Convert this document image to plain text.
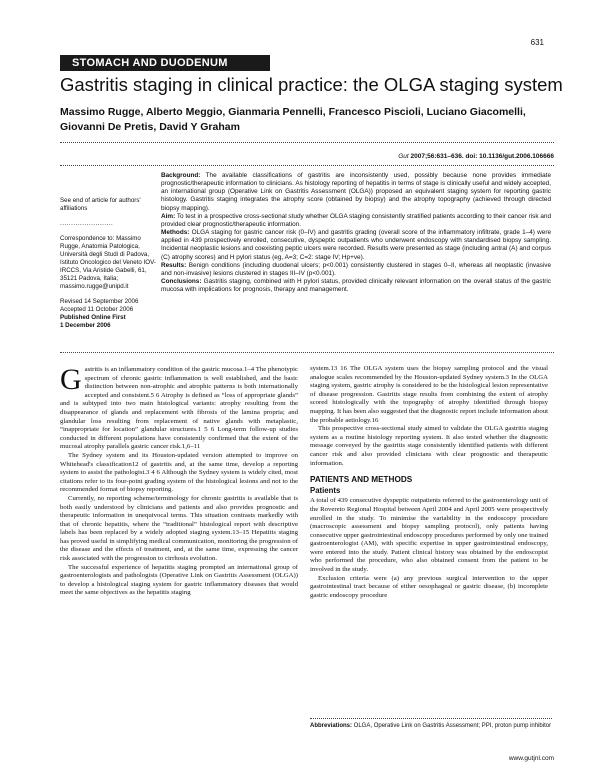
631
STOMACH AND DUODENUM
Gastritis staging in clinical practice: the OLGA staging system
Massimo Rugge, Alberto Meggio, Gianmaria Pennelli, Francesco Piscioli, Luciano Giacomelli,
Giovanni De Pretis, David Y Graham
Gut 2007;56:631–636. doi: 10.1136/gut.2006.106666

See end of article for authors' affiliations

........................

Correspondence to: Massimo Rugge, Anatomia Patologica, Università degli Studi di Padova, Istituto Oncologico del Veneto IOV-IRCCS, Via Aristide Gabelli, 61, 35121 Padova, Italia; massimo.rugge@unipd.it

Revised 14 September 2006

Accepted 11 October 2006

Published Online First

1 December 2006

Background: The available classifications of gastritis are inconsistently used, possibly because none provides immediate prognostic/therapeutic information to clinicians. As histology reporting of hepatitis in terms of stage is clinically useful and widely accepted, an international group (Operative Link on Gastritis Assessment (OLGA)) proposed an equivalent staging system for reporting gastric histology. Gastritis staging integrates the atrophy score (obtained by biopsy) and the atrophy topography (achieved through directed biopsy mapping).

Aim: To test in a prospective cross-sectional study whether OLGA staging consistently stratified patients according to their cancer risk and provided clear prognostic/therapeutic information.

Methods: OLGA staging for gastric cancer risk (0–IV) and gastritis grading (overall score of the inflammatory infiltrate, grade 1–4) were applied in 439 prospectively enrolled, consecutive, dyspeptic outpatients who underwent endoscopy with standardised biopsy sampling. Incidental neoplastic lesions and coexisting peptic ulcers were recorded. Results were presented as stage (including antral (A) and corpus (C) atrophy scores) and H pylori status (eg, A=3; C=2: stage IV; Hp+ve).

Results: Benign conditions (including duodenal ulcers; p<0.001) consistently clustered in stages 0–II, whereas all neoplastic (invasive and non-invasive) lesions clustered in stages III–IV (p<0.001).

Conclusions: Gastritis staging, combined with H pylori status, provided clinically relevant information on the overall status of the gastric mucosa with implications for prognosis, therapy and management.

Gastritis is an inflammatory condition of the gastric mucosa.1–4 The phenotypic spectrum of chronic gastric inflammation is well established, and the basic distinction between non-atrophic and atrophic patterns is both internationally accepted and consistent.5 6 Atrophy is defined as “loss of appropriate glands” and is subtyped into two main histological variants: atrophy resulting from the disappearance of glands and replacement with fibrosis of the lamina propria; and glandular loss resulting from replacement of native glands with metaplastic, “inappropriate for location” glandular structures.1 5 6 Long-term follow-up studies conducted in different populations have consistently confirmed that the extent of the mucosal atrophy parallels gastric cancer risk.1,6–11

The Sydney system and its Houston-updated version attempted to improve on Whitehead's classification12 of gastritis and, at the same time, develop a reporting system to assist the pathologist.3 4 6 Although the Sydney system is widely cited, most citations refer to its four-point grading system of the histological lesions and not to the recommended format of biopsy reporting.

Currently, no reporting scheme/terminology for chronic gastritis is available that is both easily understood by clinicians and patients and also provides prognostic and therapeutic information in unequivocal terms. This situation contrasts markedly with that of chronic hepatitis, where the “traditional” histological report with descriptive labels has been replaced by a widely adopted staging system.13–15 Hepatitis staging has proved useful in simplifying medical communication, monitoring the progression of the disease and the effects of treatment, and, at the same time, expressing the cancer risk associated with the progression to cirrhosis evolution.

The successful experience of hepatitis staging prompted an international group of gastroenterologists and pathologists (Operative Link on Gastritis Assessment (OLGA)) to develop a histological staging system for gastric inflammatory diseases that would meet the same objectives as the hepatitis staging

system.13 16 The OLGA system uses the biopsy sampling protocol and the visual analogue scales recommended by the Houston-updated Sydney system.3 In the OLGA staging system, gastric atrophy is considered to be the histological lesion representative of disease progression. Gastritis stage results from combining the extent of atrophy scored histologically with the topography of atrophy identified through biopsy mapping. It has been also suggested that the diagnostic report include information about the probable aetiology.16

This prospective cross-sectional study aimed to validate the OLGA gastritis staging system as a routine histology reporting system. It also tested whether the diagnostic message conveyed by the gastritis stage consistently identified patients with different cancer risk and also provided clinicians with clear prognostic and therapeutic information.

PATIENTS AND METHODS
Patients

A total of 439 consecutive dyspeptic outpatients referred to the gastroenterology unit of the Rovereto Regional Hospital between April 2004 and April 2005 were prospectively enrolled in the study. To minimise the variability in the endoscopy procedure (macroscopic assessment and biopsy sampling protocol), only patients having consecutive upper gastrointestinal endoscopy procedures performed by only one trained gastroenterologist (AM), with specific expertise in upper gastrointestinal endoscopy, were entered into the study. Patient clinical history was obtained by the endoscopist who performed the procedure, who also obtained consent from the patient to be involved in the study.

Exclusion criteria were (a) any previous surgical intervention to the upper gastrointestinal tract because of either oesophageal or gastric disease, (b) incomplete gastric endoscopy procedure

Abbreviations: OLGA, Operative Link on Gastritis Assessment; PPI, proton pump inhibitor
www.gutjnl.com
